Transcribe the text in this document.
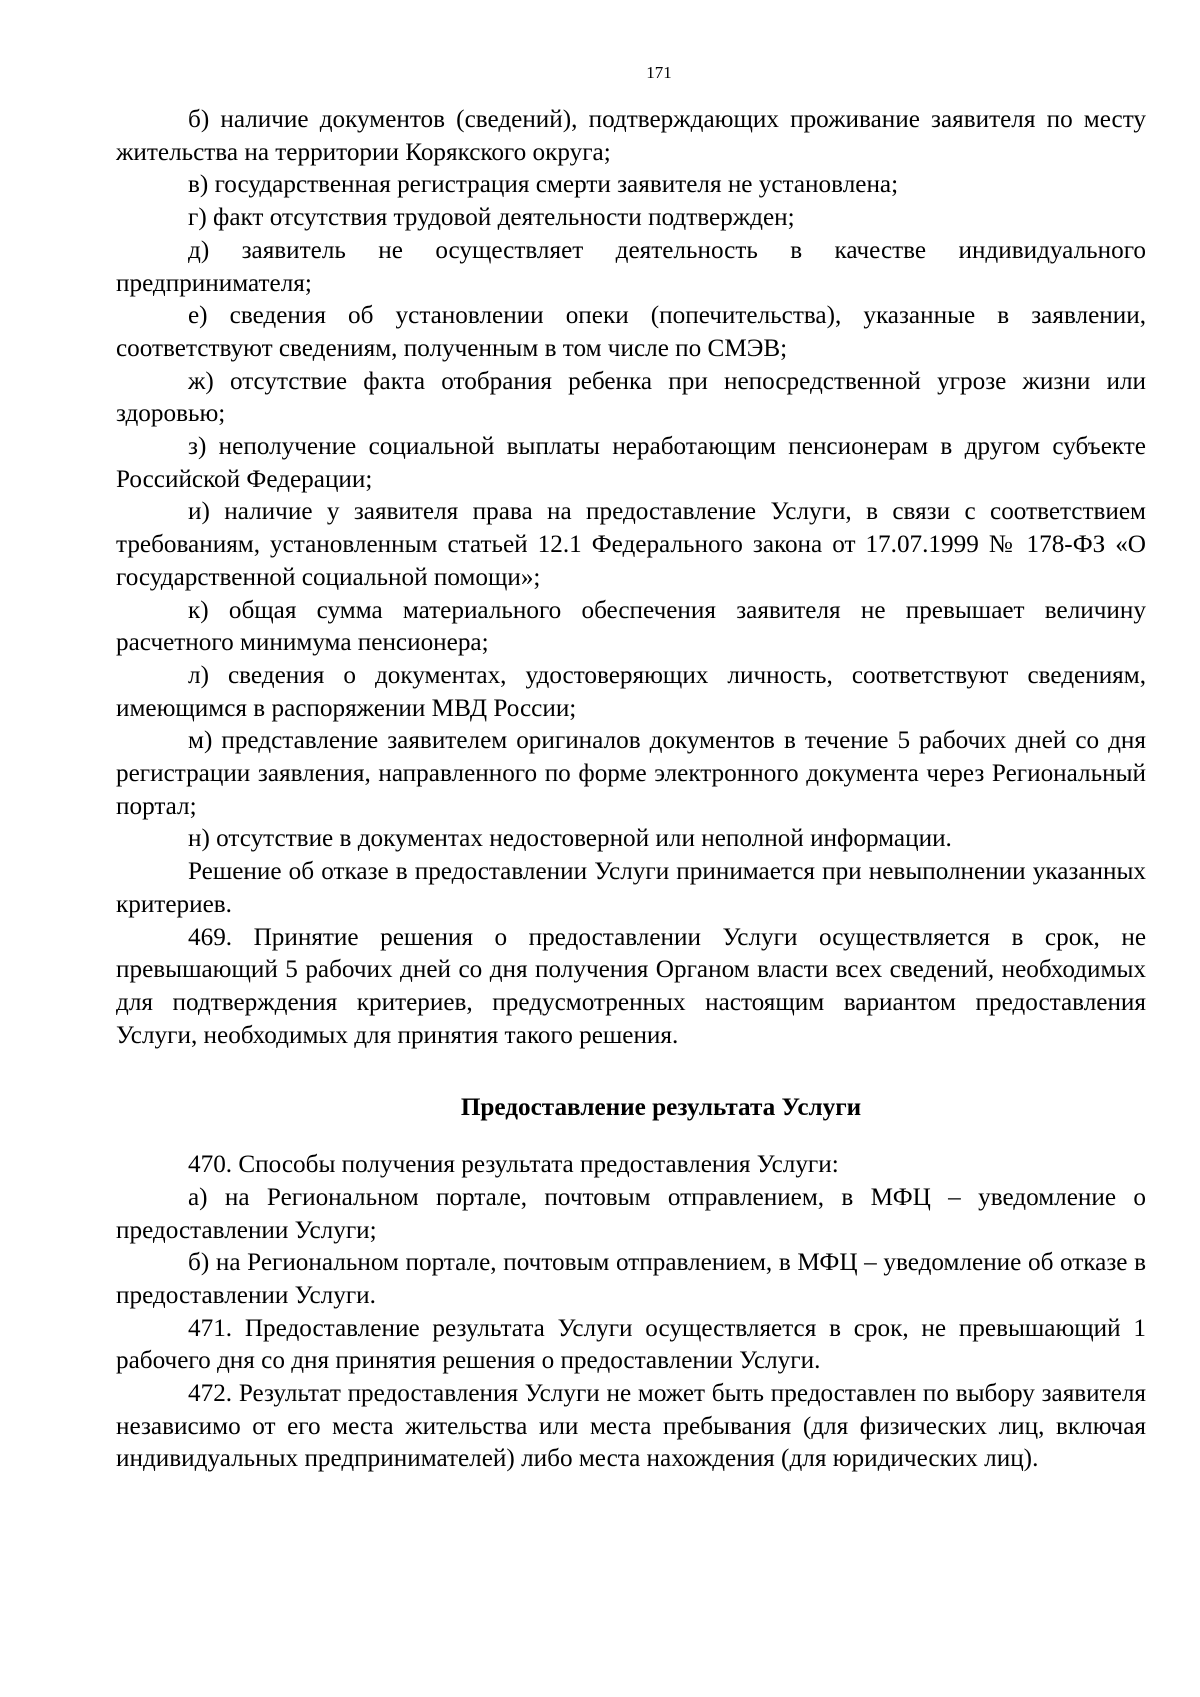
171

б) наличие документов (сведений), подтверждающих проживание заявителя по месту жительства на территории Корякского округа;

в) государственная регистрация смерти заявителя не установлена;

г) факт отсутствия трудовой деятельности подтвержден;

д) заявитель не осуществляет деятельность в качестве индивидуального предпринимателя;

е) сведения об установлении опеки (попечительства), указанные в заявлении, соответствуют сведениям, полученным в том числе по СМЭВ;

ж) отсутствие факта отобрания ребенка при непосредственной угрозе жизни или здоровью;

з) неполучение социальной выплаты неработающим пенсионерам в другом субъекте Российской Федерации;

и) наличие у заявителя права на предоставление Услуги, в связи с соответствием требованиям, установленным статьей 12.1 Федерального закона от 17.07.1999 № 178-ФЗ «О государственной социальной помощи»;

к) общая сумма материального обеспечения заявителя не превышает величину расчетного минимума пенсионера;

л) сведения о документах, удостоверяющих личность, соответствуют сведениям, имеющимся в распоряжении МВД России;

м) представление заявителем оригиналов документов в течение 5 рабочих дней со дня регистрации заявления, направленного по форме электронного документа через Региональный портал;

н) отсутствие в документах недостоверной или неполной информации.

Решение об отказе в предоставлении Услуги принимается при невыполнении указанных критериев.

469. Принятие решения о предоставлении Услуги осуществляется в срок, не превышающий 5 рабочих дней со дня получения Органом власти всех сведений, необходимых для подтверждения критериев, предусмотренных настоящим вариантом предоставления Услуги, необходимых для принятия такого решения.

Предоставление результата Услуги

470. Способы получения результата предоставления Услуги:

а) на Региональном портале, почтовым отправлением, в МФЦ – уведомление о предоставлении Услуги;

б) на Региональном портале, почтовым отправлением, в МФЦ – уведомление об отказе в предоставлении Услуги.

471. Предоставление результата Услуги осуществляется в срок, не превышающий 1 рабочего дня со дня принятия решения о предоставлении Услуги.

472. Результат предоставления Услуги не может быть предоставлен по выбору заявителя независимо от его места жительства или места пребывания (для физических лиц, включая индивидуальных предпринимателей) либо места нахождения (для юридических лиц).
